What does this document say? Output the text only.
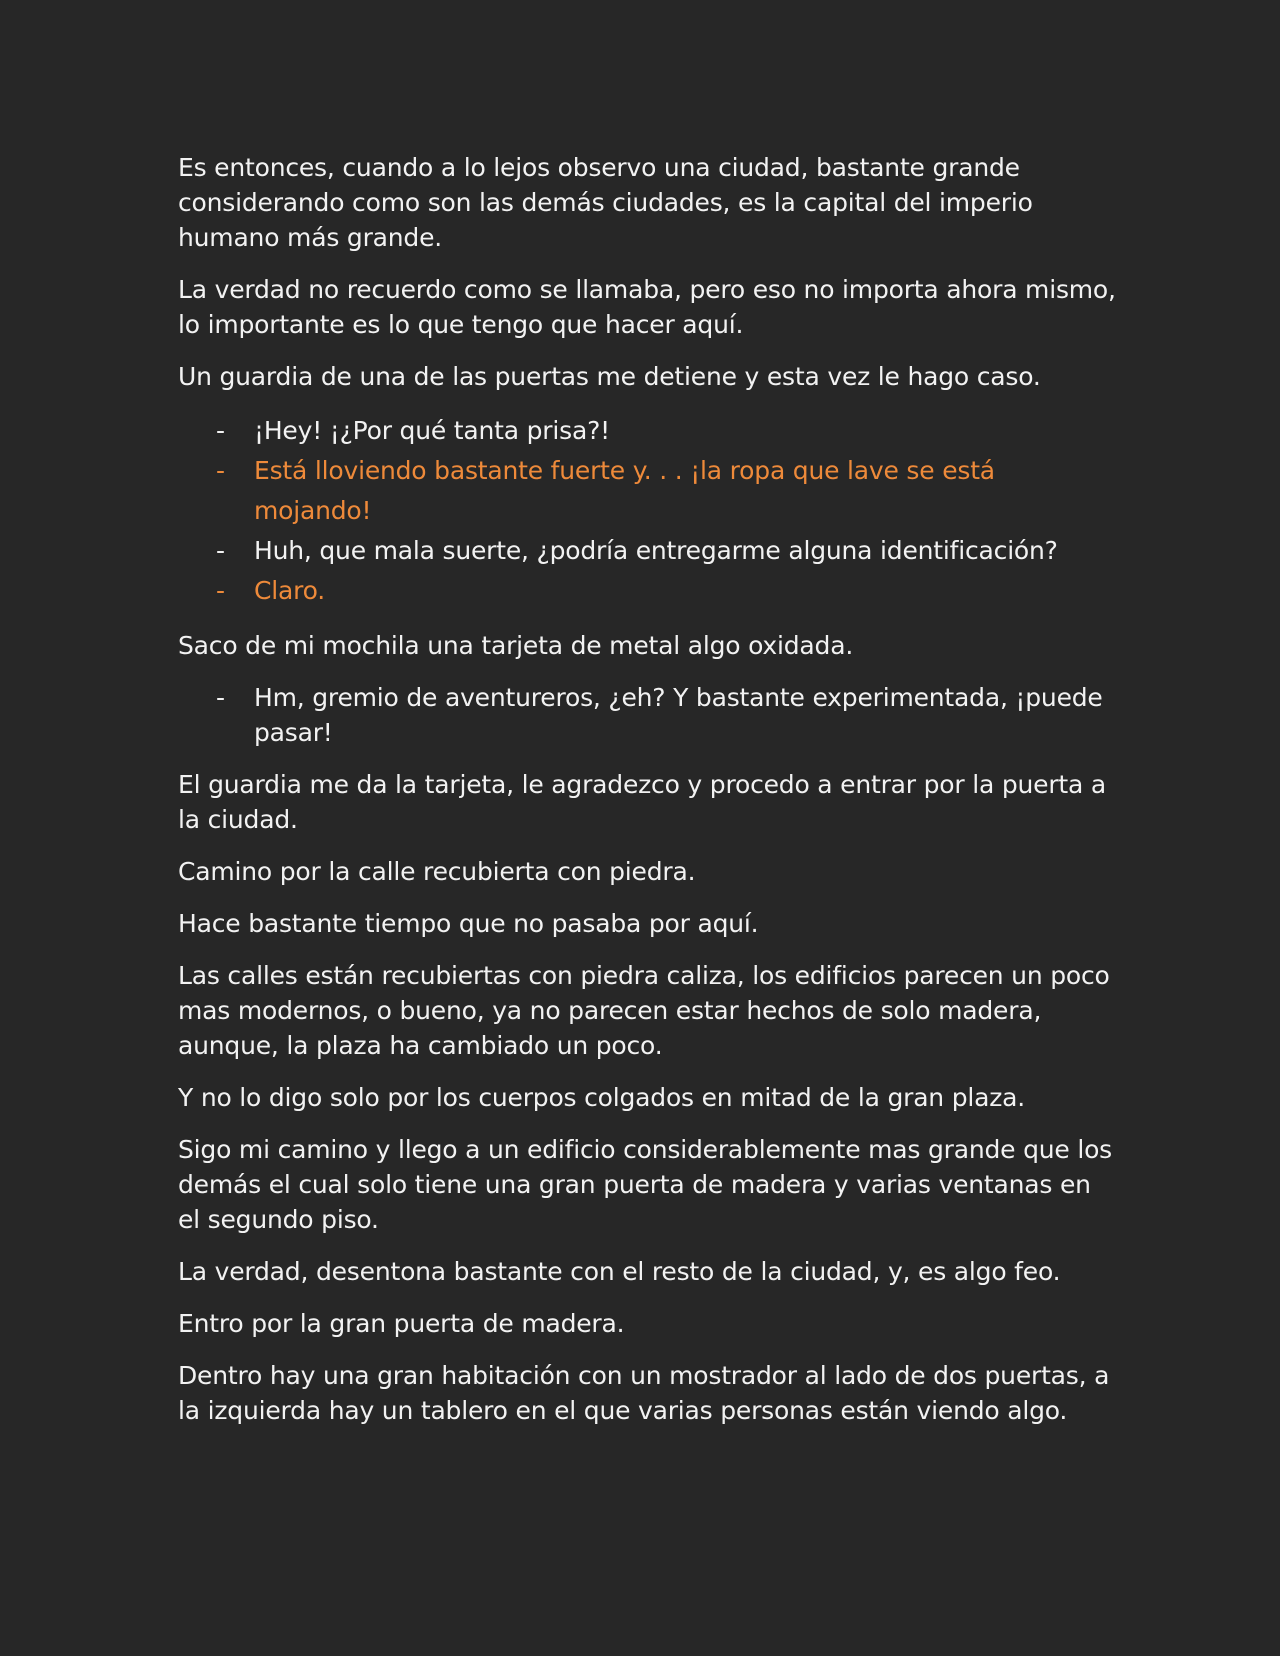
Es entonces, cuando a lo lejos observo una ciudad, bastante grande considerando como son las demás ciudades, es la capital del imperio humano más grande.

La verdad no recuerdo como se llamaba, pero eso no importa ahora mismo, lo importante es lo que tengo que hacer aquí.

Un guardia de una de las puertas me detiene y esta vez le hago caso.

- ¡Hey! ¡¿Por qué tanta prisa?!
- Está lloviendo bastante fuerte y. . . ¡la ropa que lave se está mojando!
- Huh, que mala suerte, ¿podría entregarme alguna identificación?
- Claro.

Saco de mi mochila una tarjeta de metal algo oxidada.

- Hm, gremio de aventureros, ¿eh? Y bastante experimentada, ¡puede pasar!

El guardia me da la tarjeta, le agradezco y procedo a entrar por la puerta a la ciudad.

Camino por la calle recubierta con piedra.

Hace bastante tiempo que no pasaba por aquí.

Las calles están recubiertas con piedra caliza, los edificios parecen un poco mas modernos, o bueno, ya no parecen estar hechos de solo madera, aunque, la plaza ha cambiado un poco.

Y no lo digo solo por los cuerpos colgados en mitad de la gran plaza.

Sigo mi camino y llego a un edificio considerablemente mas grande que los demás el cual solo tiene una gran puerta de madera y varias ventanas en el segundo piso.

La verdad, desentona bastante con el resto de la ciudad, y, es algo feo.

Entro por la gran puerta de madera.

Dentro hay una gran habitación con un mostrador al lado de dos puertas, a la izquierda hay un tablero en el que varias personas están viendo algo.
